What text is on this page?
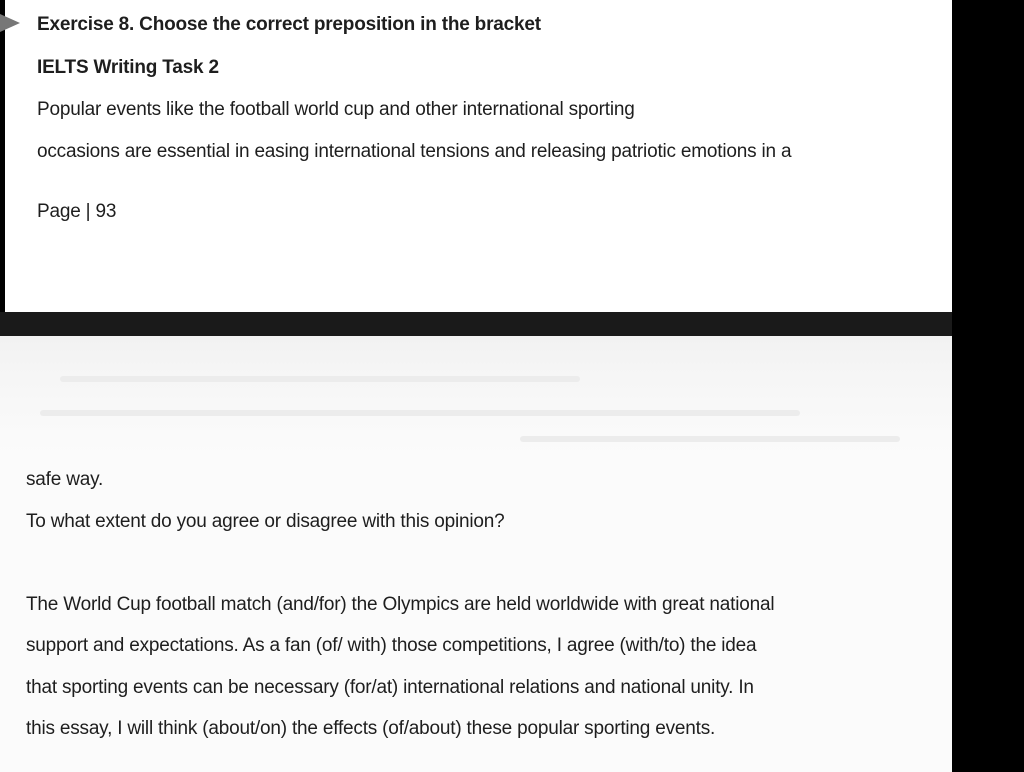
Exercise 8. Choose the correct preposition in the bracket

IELTS Writing Task 2

Popular events like the football world cup and other international sporting

occasions are essential in easing international tensions and releasing patriotic emotions in a

Page | 93

safe way.

To what extent do you agree or disagree with this opinion?

The World Cup football match (and/for) the Olympics are held worldwide with great national

support and expectations. As a fan (of/ with) those competitions, I agree (with/to) the idea

that sporting events can be necessary (for/at) international relations and national unity. In

this essay, I will think (about/on) the effects (of/about) these popular sporting events.
